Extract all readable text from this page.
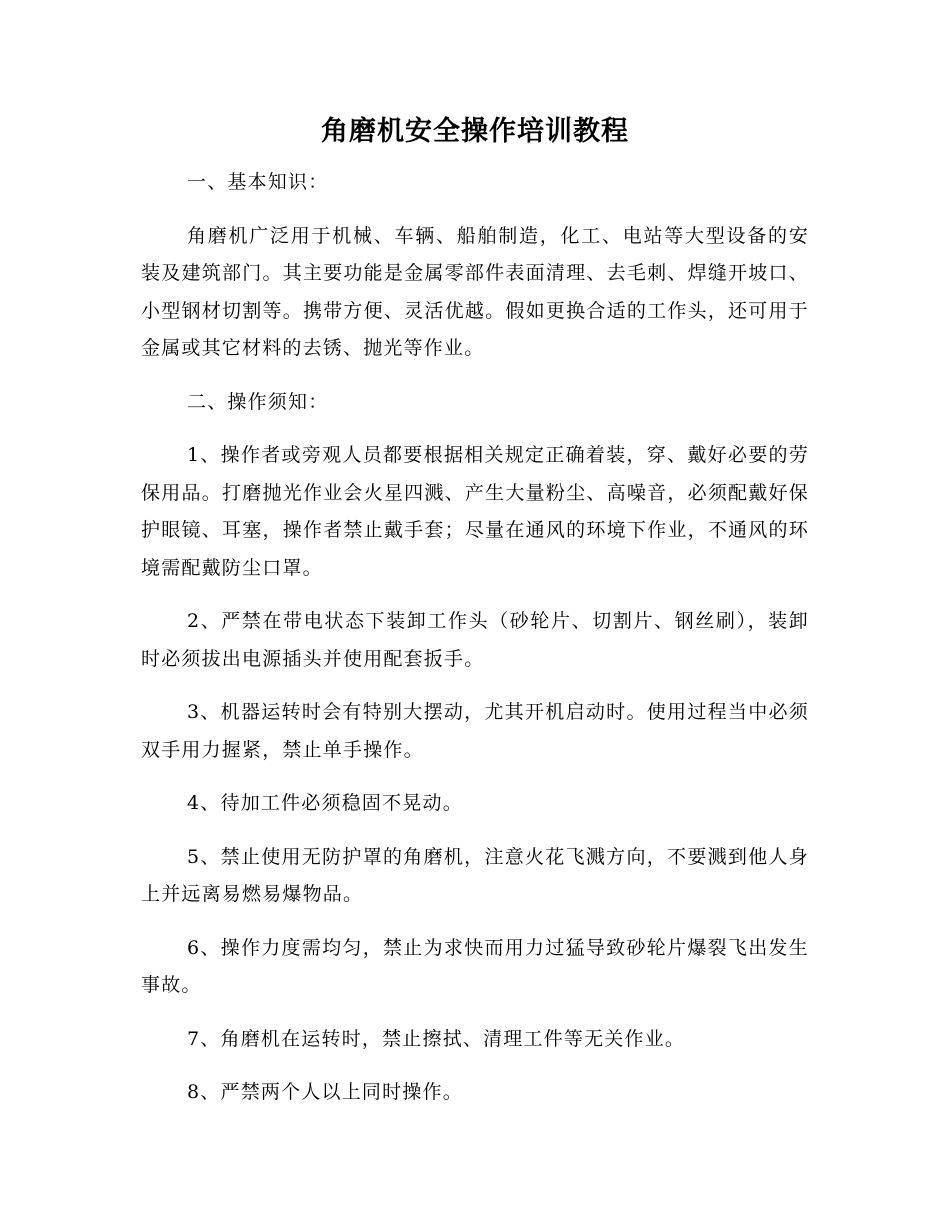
角磨机安全操作培训教程

一、基本知识：

角磨机广泛用于机械、车辆、船舶制造，化工、电站等大型设备的安装及建筑部门。其主要功能是金属零部件表面清理、去毛刺、焊缝开坡口、小型钢材切割等。携带方便、灵活优越。假如更换合适的工作头，还可用于金属或其它材料的去锈、抛光等作业。

二、操作须知：

1、操作者或旁观人员都要根据相关规定正确着装，穿、戴好必要的劳保用品。打磨抛光作业会火星四溅、产生大量粉尘、高噪音，必须配戴好保护眼镜、耳塞，操作者禁止戴手套；尽量在通风的环境下作业，不通风的环境需配戴防尘口罩。

2、严禁在带电状态下装卸工作头（砂轮片、切割片、钢丝刷），装卸时必须拔出电源插头并使用配套扳手。

3、机器运转时会有特别大摆动，尤其开机启动时。使用过程当中必须双手用力握紧，禁止单手操作。

4、待加工件必须稳固不晃动。

5、禁止使用无防护罩的角磨机，注意火花飞溅方向，不要溅到他人身上并远离易燃易爆物品。

6、操作力度需均匀，禁止为求快而用力过猛导致砂轮片爆裂飞出发生事故。

7、角磨机在运转时，禁止擦拭、清理工件等无关作业。

8、严禁两个人以上同时操作。
